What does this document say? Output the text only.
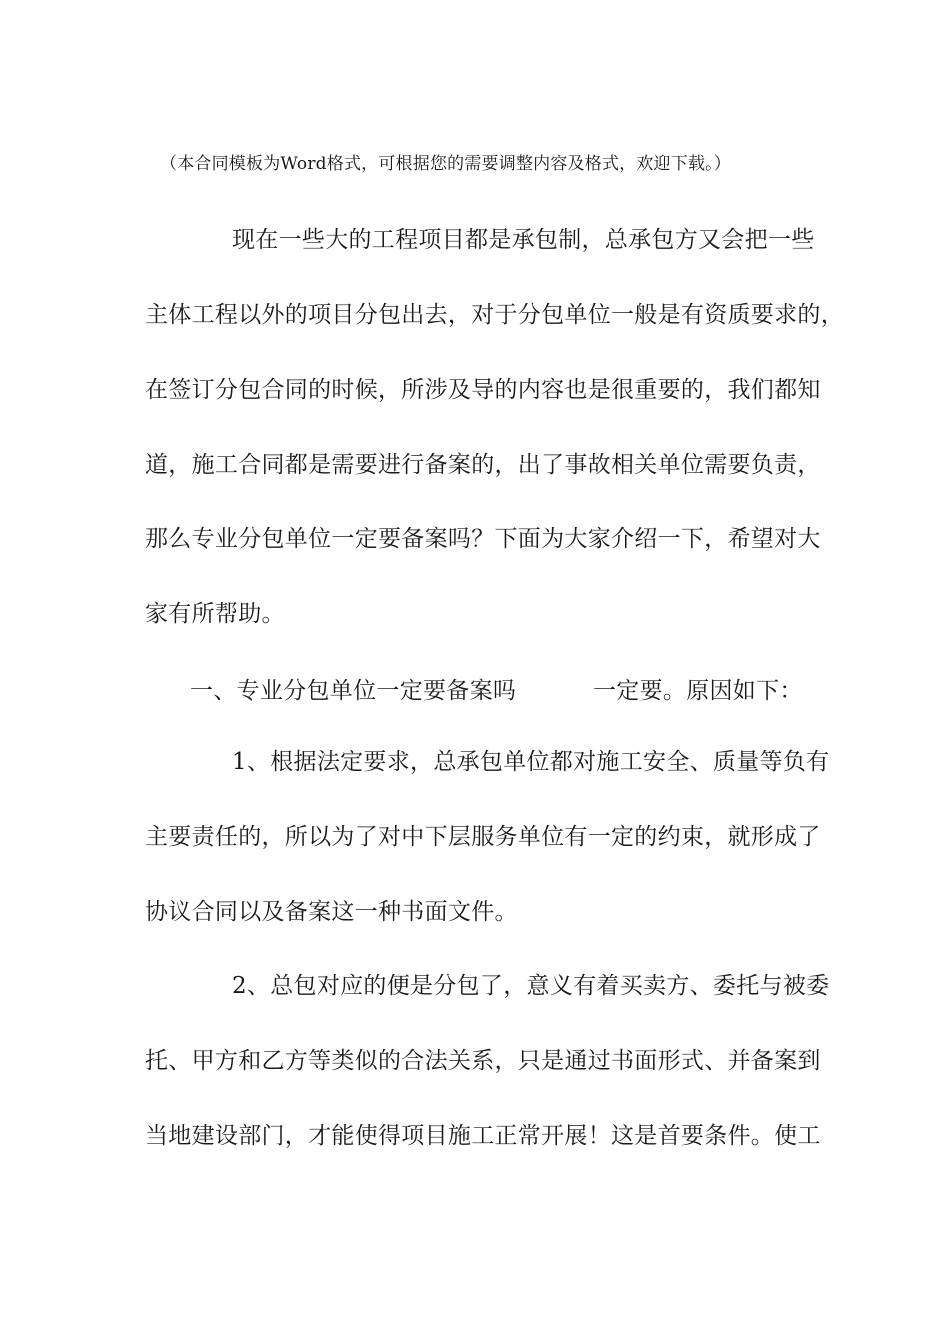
（本合同模板为Word格式，可根据您的需要调整内容及格式，欢迎下载。）
现在一些大的工程项目都是承包制，总承包方又会把一些
主体工程以外的项目分包出去，对于分包单位一般是有资质要求的，
在签订分包合同的时候，所涉及导的内容也是很重要的，我们都知
道，施工合同都是需要进行备案的，出了事故相关单位需要负责，
那么专业分包单位一定要备案吗？下面为大家介绍一下，希望对大
家有所帮助。
一、专业分包单位一定要备案吗	一定要。原因如下：
1、根据法定要求，总承包单位都对施工安全、质量等负有
主要责任的，所以为了对中下层服务单位有一定的约束，就形成了
协议合同以及备案这一种书面文件。
2、总包对应的便是分包了，意义有着买卖方、委托与被委
托、甲方和乙方等类似的合法关系，只是通过书面形式、并备案到
当地建设部门，才能使得项目施工正常开展！这是首要条件。使工
